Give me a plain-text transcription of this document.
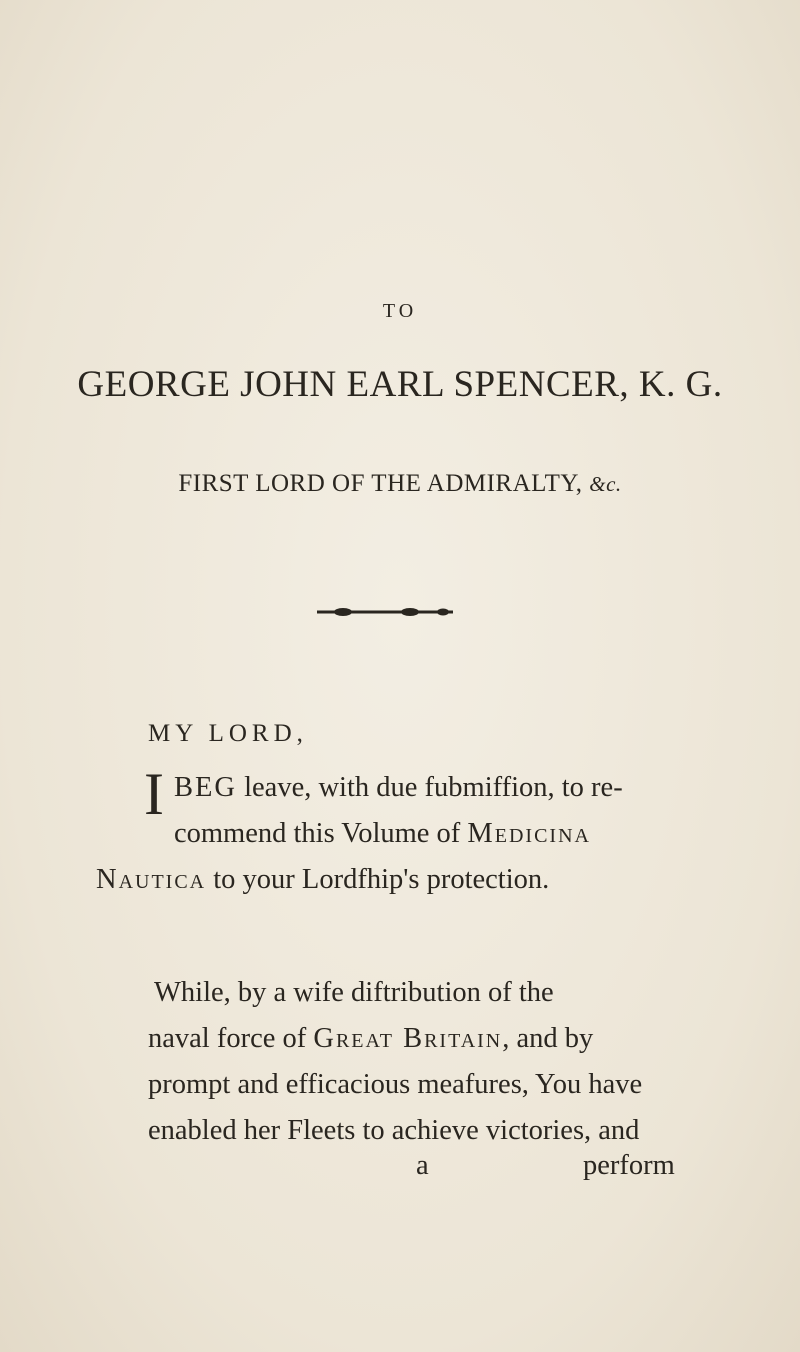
TO
GEORGE JOHN EARL SPENCER, K. G.
FIRST LORD OF THE ADMIRALTY, &c.
MY LORD,
I BEG leave, with due fubmiffion, to re-
commend this Volume of Medicina
Nautica to your Lordfhip's protection.
While, by a wife diftribution of the
naval force of Great Britain, and by
prompt and efficacious meafures, You have
enabled her Fleets to achieve victories, and
a	perform
